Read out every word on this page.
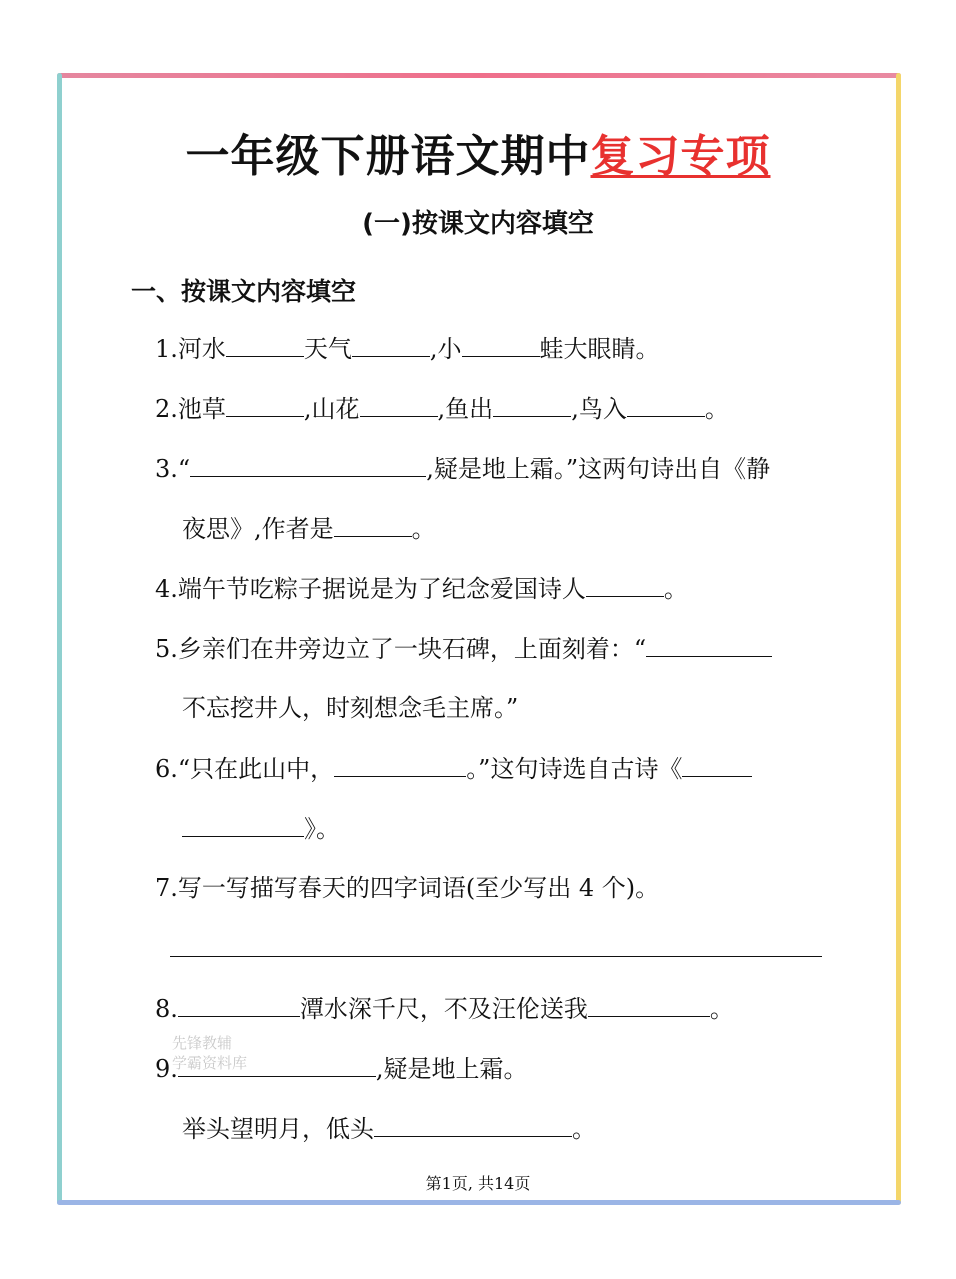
一年级下册语文期中复习专项
(一)按课文内容填空
一、按课文内容填空
1.河水	天气	,小	蛙大眼睛。
2.池草	,山花	,鱼出	,鸟入	。
3.“	,疑是地上霜。”这两句诗出自《静
夜思》,作者是	。
4.端午节吃粽子据说是为了纪念爱国诗人	。
5.乡亲们在井旁边立了一块石碑，上面刻着：“
不忘挖井人，时刻想念毛主席。”
6.“只在此山中，	。”这句诗选自古诗《
》。
7.写一写描写春天的四字词语(至少写出 4 个)。
8.	潭水深千尺，不及汪伦送我	。
9.	,疑是地上霜。
举头望明月，低头	。
先锋教辅
学霸资料库
第1页, 共14页
